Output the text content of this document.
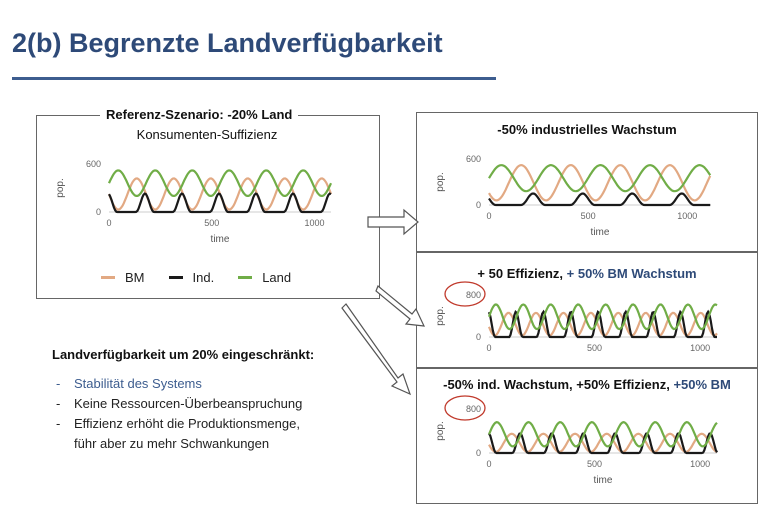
2(b) Begrenzte Landverfügbarkeit
0	500	1000
0
600
pop.
time
BM	Ind.	Land
Referenz-Szenario: -20% Land
Konsumenten-Suffizienz	-50% industrielles Wachstum
0	500	1000
0
600
pop.
time
+ 50 Effizienz, + 50% BM Wachstum
0	500	1000
0
800
pop.
-50% ind. Wachstum, +50% Effizienz, +50% BM
0	500	1000
0
800
pop.
time
Landverfügbarkeit um 20% eingeschränkt:
- Stabilität des Systems
- Keine Ressourcen-Überbeanspruchung
- Effizienz erhöht die Produktionsmenge,
führ aber zu mehr Schwankungen
